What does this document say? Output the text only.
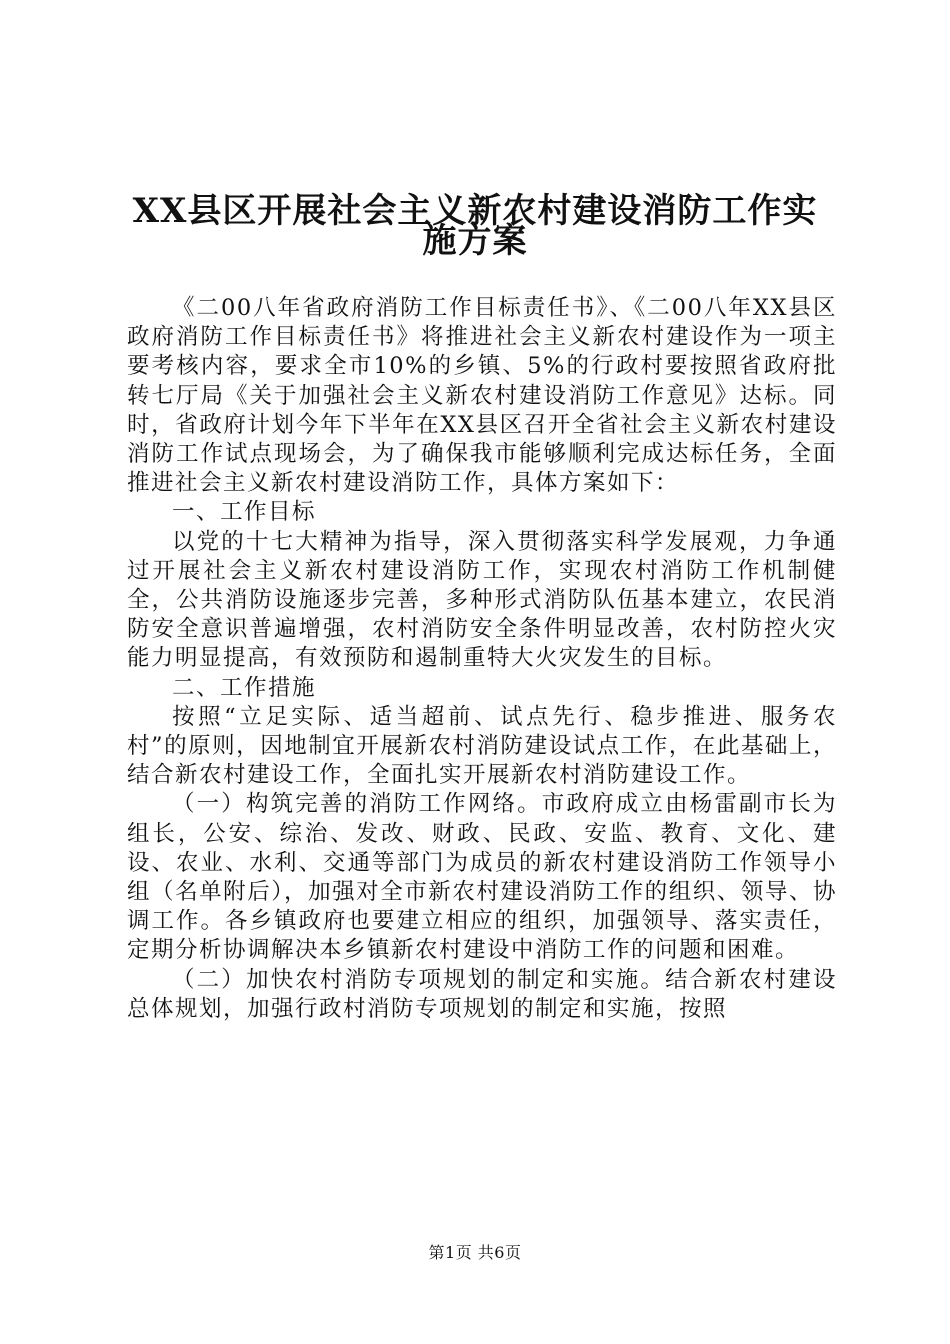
XX县区开展社会主义新农村建设消防工作实
施方案

《二00八年省政府消防工作目标责任书》、《二00八年XX县区政府消防工作目标责任书》将推进社会主义新农村建设作为一项主要考核内容，要求全市10%的乡镇、5%的行政村要按照省政府批转七厅局《关于加强社会主义新农村建设消防工作意见》达标。同时，省政府计划今年下半年在XX县区召开全省社会主义新农村建设消防工作试点现场会，为了确保我市能够顺利完成达标任务，全面推进社会主义新农村建设消防工作，具体方案如下：

一、工作目标

以党的十七大精神为指导，深入贯彻落实科学发展观，力争通过开展社会主义新农村建设消防工作，实现农村消防工作机制健全，公共消防设施逐步完善，多种形式消防队伍基本建立，农民消防安全意识普遍增强，农村消防安全条件明显改善，农村防控火灾能力明显提高，有效预防和遏制重特大火灾发生的目标。

二、工作措施

按照“立足实际、适当超前、试点先行、稳步推进、服务农村”的原则，因地制宜开展新农村消防建设试点工作，在此基础上，结合新农村建设工作，全面扎实开展新农村消防建设工作。

（一）构筑完善的消防工作网络。市政府成立由杨雷副市长为组长，公安、综治、发改、财政、民政、安监、教育、文化、建设、农业、水利、交通等部门为成员的新农村建设消防工作领导小组（名单附后），加强对全市新农村建设消防工作的组织、领导、协调工作。各乡镇政府也要建立相应的组织，加强领导、落实责任，定期分析协调解决本乡镇新农村建设中消防工作的问题和困难。

（二）加快农村消防专项规划的制定和实施。结合新农村建设总体规划，加强行政村消防专项规划的制定和实施，按照

第1页 共6页
